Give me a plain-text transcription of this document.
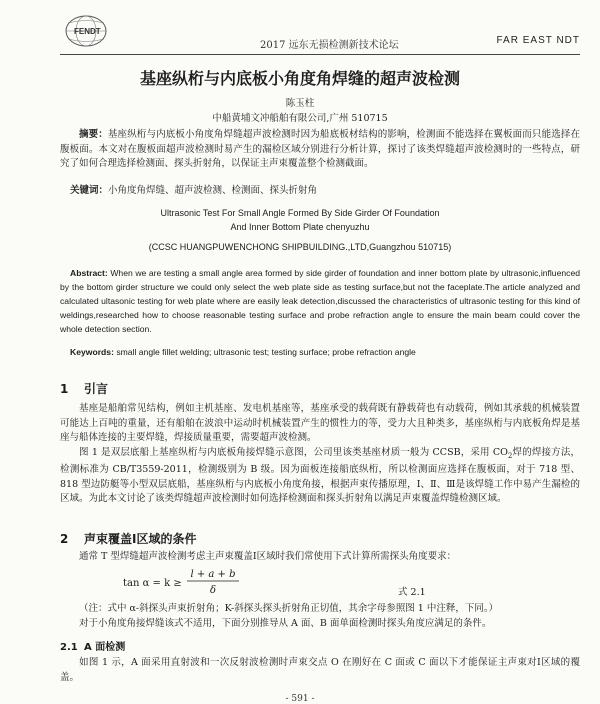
FENDT
2017 远东无损检测新技术论坛	FAR EAST NDT
基座纵桁与内底板小角度角焊缝的超声波检测
陈玉柱
中船黄埔文冲船舶有限公司,广州 510715
摘要：基座纵桁与内底板小角度角焊缝超声波检测时因为船底板材结构的影响，检测面不能选择在翼板面而只能选择在腹板面。本文对在腹板面超声波检测时易产生的漏检区域分别进行分析计算，探讨了该类焊缝超声波检测时的一些特点，研究了如何合理选择检测面、探头折射角，以保证主声束覆盖整个检测截面。
关键词：小角度角焊缝、超声波检测、检测面、探头折射角
Ultrasonic Test For Small Angle Formed By Side Girder Of Foundation
And Inner Bottom Plate chenyuzhu
(CCSC HUANGPUWENCHONG SHIPBUILDING.,LTD,Guangzhou 510715)
Abstract: When we are testing a small angle area formed by side girder of foundation and inner bottom plate by ultrasonic,influenced by the bottom girder structure we could only select the web plate side as testing surface,but not the faceplate.The article analyzed and calculated ultasonic testing for web plate where are easily leak detection,discussed the characteristics of ultrasonic testing for this kind of weldings,researched how to choose reasonable testing surface and probe refraction angle to ensure the main beam could cover the whole detection section.
Keywords: small angle fillet welding; ultrasonic test; testing surface; probe refraction angle
1 引言
基座是船舶常见结构，例如主机基座、发电机基座等，基座承受的载荷既有静载荷也有动载荷，例如其承载的机械装置可能达上百吨的重量，还有船舶在波浪中运动时机械装置产生的惯性力的等，受力大且种类多，基座纵桁与内底板角焊是基座与船体连接的主要焊缝，焊接质量重要，需要超声波检测。
图 1 是双层底船上基座纵桁与内底板角接焊缝示意图，公司里该类基座材质一般为 CCSB，采用 $CO_2$焊的焊接方法，检测标准为 CB/T3559-2011，检测级别为 B 级。因为面板连接船底纵桁，所以检测面应选择在腹板面，对于 718 型、818 型边防艇等小型双层底船，基座纵桁与内底板小角度角接，根据声束传播原理，Ⅰ、Ⅱ、Ⅲ是该焊缝工作中易产生漏检的区域。为此本文讨论了该类焊缝超声波检测时如何选择检测面和探头折射角以满足声束覆盖焊缝检测区域。
2 声束覆盖Ⅰ区域的条件
通常 T 型焊缝超声波检测考虑主声束覆盖Ⅰ区域时我们常使用下式计算所需探头角度要求：
tan α = k ≥
l + a + b
δ	式 2.1
（注：式中 α-斜探头声束折射角；K-斜探头探头折射角正切值，其余字母参照图 1 中注释，下同。）
对于小角度角接焊缝该式不适用，下面分别推导从 A 面、B 面单面检测时探头角度应满足的条件。
2.1 A 面检测
如图 1 示，A 面采用直射波和一次反射波检测时声束交点 O 在刚好在 C 面或 C 面以下才能保证主声束对Ⅰ区域的覆盖。
- 591 -
